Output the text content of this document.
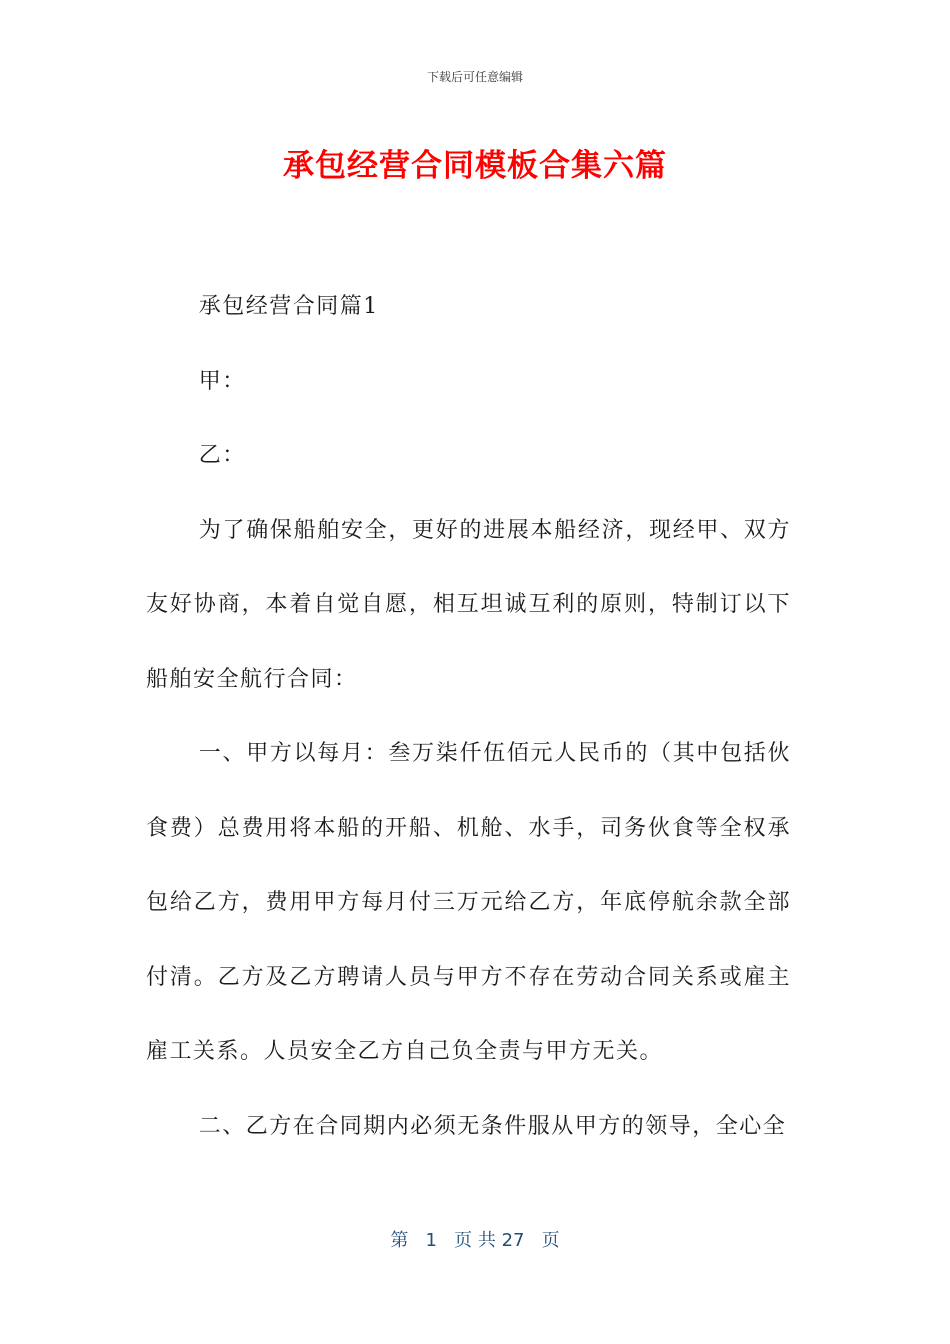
下载后可任意编辑
承包经营合同模板合集六篇

承包经营合同篇1

甲：

乙：

为了确保船舶安全，更好的进展本船经济，现经甲、双方友好协商，本着自觉自愿，相互坦诚互利的原则，特制订以下船舶安全航行合同：

一、甲方以每月：叁万柒仟伍佰元人民币的（其中包括伙食费）总费用将本船的开船、机舱、水手，司务伙食等全权承包给乙方，费用甲方每月付三万元给乙方，年底停航余款全部付清。乙方及乙方聘请人员与甲方不存在劳动合同关系或雇主雇工关系。人员安全乙方自己负全责与甲方无关。

二、乙方在合同期内必须无条件服从甲方的领导，全心全

第 1 页 共 27 页
